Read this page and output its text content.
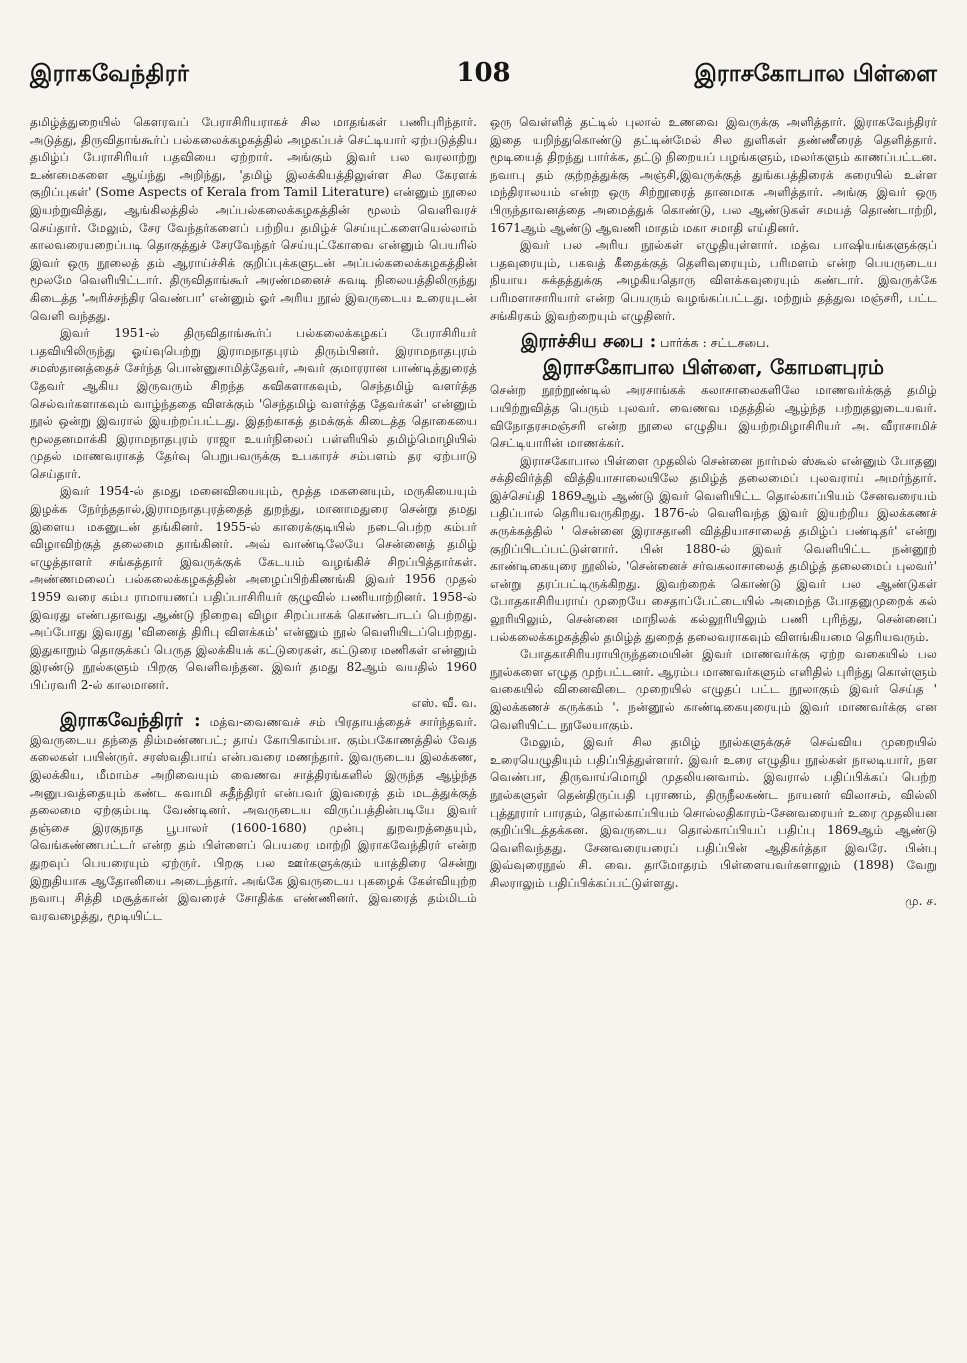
இராகவேந்திரர்	108	இராசகோபால பிள்ளை

தமிழ்த்துறையில் கௌரவப் பேராசிரியராகச் சில மாதங்கள் பணிபுரிந்தார். அடுத்து, திருவிதாங்கூர்ப் பல்கலைக்கழகத்தில் அழகப்பச் செட்டியார் ஏற்படுத்திய தமிழ்ப் பேராசிரியர் பதவியை ஏற்றார். அங்கும் இவர் பல வரலாற்று உண்மைகளை ஆய்ந்து அறிந்து, 'தமிழ் இலக்கியத்திலுள்ள சில கேரளக் குறிப்புகள்' (Some Aspects of Kerala from Tamil Literature) என்னும் நூலை இயற்றுவித்து, ஆங்கிலத்தில் அப்பல்கலைக்கழகத்தின் மூலம் வெளிவரச் செய்தார். மேலும், சேர வேந்தர்களைப் பற்றிய தமிழ்ச் செய்யுட்களையெல்லாம் காலவரையறைப்படி தொகுத்துச் சேரவேந்தர் செய்யுட்கோவை என்னும் பெயரில் இவர் ஒரு நூலைத் தம் ஆராய்ச்சிக் குறிப்புக்களுடன் அப்பல்கலைக்கழகத்தின் மூலமே வெளியிட்டார். திருவிதாங்கூர் அரண்மனைச் சுவடி நிலையத்திலிருந்து கிடைத்த 'அரிச்சந்திர வெண்பா' என்னும் ஓர் அரிய நூல் இவருடைய உரையுடன் வெளி வந்தது.

இவர் 1951-ல் திருவிதாங்கூர்ப் பல்கலைக்கழகப் பேராசிரியர் பதவியிலிருந்து ஓய்வுபெற்று இராமநாதபுரம் திரும்பினர். இராமநாதபுரம் சமஸ்தானத்தைச் சேர்ந்த பொன்னுசாமித்தேவர், அவர் குமாரரான பாண்டித்துரைத் தேவர் ஆகிய இருவரும் சிறந்த கவிகளாகவும், செந்தமிழ் வளர்த்த செல்வர்களாகவும் வாழ்ந்ததை விளக்கும் 'செந்தமிழ் வளர்த்த தேவர்கள்' என்னும் நூல் ஒன்று இவரால் இயற்றப்பட்டது. இதற்காகத் தமக்குக் கிடைத்த தொகையை மூலதனமாக்கி இராமநாதபுரம் ராஜா உயர்நிலைப் பள்ளியில் தமிழ்மொழியில் முதல் மாணவராகத் தேர்வு பெறுபவருக்கு உபகாரச் சம்பளம் தர ஏற்பாடு செய்தார்.

இவர் 1954-ல் தமது மனைவியையும், மூத்த மகனையும், மருகியையும் இழக்க நேர்ந்ததால்,இராமநாதபுரத்தைத் துறந்து, மானாமதுரை சென்று தமது இளைய மகனுடன் தங்கினர். 1955-ல் காரைக்குடியில் நடைபெற்ற கம்பர் விழாவிற்குத் தலைமை தாங்கினர். அவ் வாண்டிலேயே சென்னைத் தமிழ் எழுத்தாளர் சங்கத்தார் இவருக்குக் கேடயம் வழங்கிச் சிறப்பித்தார்கள். அண்ணமலைப் பல்கலைக்கழகத்தின் அழைப்பிற்கிணங்கி இவர் 1956 முதல் 1959 வரை கம்ப ராமாயணப் பதிப்பாசிரியர் குழுவில் பணியாற்றினர். 1958-ல் இவரது எண்பதாவது ஆண்டு நிறைவு விழா சிறப்பாகக் கொண்டாடப் பெற்றது. அப்போது இவரது 'வினைத் திரிபு விளக்கம்' என்னும் நூல் வெளியிடப்பெற்றது. இதுகாறும் தொகுக்கப் பெருத இலக்கியக் கட்டுரைகள், கட்டுரை மணிகள் என்னும் இரண்டு நூல்களும் பிறகு வெளிவந்தன. இவர் தமது 82ஆம் வயதில் 1960 பிப்ரவரி 2-ல் காலமானர்.

எஸ். வீ. வ.

இராகவேந்திரர் : மத்வ-வைணவச் சம் பிரதாயத்தைச் சார்ந்தவர். இவருடைய தந்தை திம்மண்ணபட்; தாய் கோபிகாம்பா. கும்பகோணத்தில் வேத கலைகள் பயின்ருர். சரஸ்வதிபாய் என்பவரை மணந்தார். இவருடைய இலக்கண, இலக்கிய, மீமாம்ச அறிவையும் வைணவ சாத்திரங்களில் இருந்த ஆழ்ந்த அனுபவத்தையும் கண்ட சுவாமி சுதீந்திரர் என்பவர் இவரைத் தம் மடத்துக்குத் தலைமை ஏற்கும்படி வேண்டினர். அவருடைய விருப்பத்தின்படியே இவர் தஞ்சை இரகுநாத பூபாலர் (1600-1680) முன்பு துறவறத்தையும், வெங்கண்ணபட்டர் என்ற தம் பிள்ளைப் பெயரை மாற்றி இராகவேந்திரர் என்ற துறவுப் பெயரையும் ஏற்ருர். பிறகு பல ஊர்களுக்கும் யாத்திரை சென்று இறுதியாக ஆதோனியை அடைந்தார். அங்கே இவருடைய புகழைக் கேள்வியுற்ற நவாபு சித்தி மசூத்கான் இவரைச் சோதிக்க எண்ணினர். இவரைத் தம்மிடம் வரவழைத்து, மூடியிட்ட

ஒரு வெள்ளித் தட்டில் புலால் உணவை இவருக்கு அளித்தார். இராகவேந்திரர் இதை யறிந்துகொண்டு தட்டின்மேல் சில துளிகள் தண்ணீரைத் தெளித்தார். மூடியைத் திறந்து பார்க்க, தட்டு நிறையப் பழங்களும், மலர்களும் காணப்பட்டன. நவாபு தம் குற்றத்துக்கு அஞ்சி,இவருக்குத் துங்கபத்திரைக் கரையில் உள்ள மந்திராலயம் என்ற ஒரு சிற்றூரைத் தானமாக அளித்தார். அங்கு இவர் ஒரு பிருந்தாவனத்தை அமைத்துக் கொண்டு, பல ஆண்டுகள் சமயத் தொண்டாற்றி, 1671ஆம் ஆண்டு ஆவணி மாதம் மகா சமாதி எய்தினர்.

இவர் பல அரிய நூல்கள் எழுதியுள்ளார். மத்வ பாஷியங்களுக்குப் பதவுரையும், பகவத் கீதைக்குத் தெளிவுரையும், பரிமளம் என்ற பெயருடைய நியாய சுக்தத்துக்கு அழகியதொரு விளக்கவுரையும் கண்டார். இவருக்கே பரிமளாசாரியார் என்ற பெயரும் வழங்கப்பட்டது. மற்றும் தத்துவ மஞ்சரி, பட்ட சங்கிரகம் இவற்றையும் எழுதினர்.

இராச்சிய சபை : பார்க்க : சட்டசபை.
இராசகோபால பிள்ளை, கோமளபுரம்

சென்ற நூற்றூண்டில் அரசாங்கக் கலாசாலைகளிலே மாணவர்க்குத் தமிழ் பயிற்றுவித்த பெரும் புலவர். வைணவ மதத்தில் ஆழ்ந்த பற்றுதலுடையவர். விநோதரசமஞ்சரி என்ற நூலை எழுதிய இயற்றமிழாசிரியர் அ. வீராசாமிச் செட்டியாரின் மாணக்கர்.

இராசகோபால பிள்ளை முதலில் சென்னை நார்மல் ஸ்கூல் என்னும் போதனு சக்திவிர்த்தி வித்தியாசாலையிலே தமிழ்த் தலைமைப் புலவராய் அமர்ந்தார். இச்செய்தி 1869ஆம் ஆண்டு இவர் வெளியிட்ட தொல்காப்பியம் சேனவரையம் பதிப்பால் தெரியவருகிறது. 1876-ல் வெளிவந்த இவர் இயற்றிய இலக்கணச் சுருக்கத்தில் ' சென்னை இராசதானி வித்தியாசாலைத் தமிழ்ப் பண்டிதர்' என்று குறிப்பிடப்பட்டுள்ளார். பின் 1880-ல் இவர் வெளியிட்ட நன்னூற் காண்டிகையுரை நூலில், 'சென்னைச் சர்வகலாசாலைத் தமிழ்த் தலைமைப் புலவர்' என்று தரப்பட்டிருக்கிறது. இவற்றைக் கொண்டு இவர் பல ஆண்டுகள் போதகாசிரியராய் முறையே சைதாப்பேட்டையில் அமைந்த போதனுமுறைக் கல் லூரியிலும், சென்னை மாநிலக் கல்லூரியிலும் பணி புரிந்து, சென்னைப் பல்கலைக்கழகத்தில் தமிழ்த் துறைத் தலைவராகவும் விளங்கியமை தெரியவரும்.

போதகாசிரியராயிருந்தமையின் இவர் மாணவர்க்கு ஏற்ற வகையில் பல நூல்களை எழுத முற்பட்டனர். ஆரம்ப மாணவர்களும் எளிதில் புரிந்து கொள்ளும் வகையில் வினைவிடை முறையில் எழுதப் பட்ட நூலாகும் இவர் செய்த ' இலக்கணச் சுருக்கம் '. நன்னூல் காண்டிகையுரையும் இவர் மாணவர்க்கு என வெளியிட்ட நூலேயாகும்.

மேலும், இவர் சில தமிழ் நூல்களுக்குச் செவ்விய முறையில் உரையெழுதியும் பதிப்பித்துள்ளார். இவர் உரை எழுதிய நூல்கள் நாலடியார், நள வெண்பா, திருவாய்மொழி முதலியனவாம். இவரால் பதிப்பிக்கப் பெற்ற நூல்களுள் தென்திருப்பதி புராணம், திருநீலகண்ட நாயனர் விலாசம், வில்லி புத்தூரார் பாரதம், தொல்காப்பியம் சொல்லதிகாரம்-சேனவரையர் உரை முதலியன குறிப்பிடத்தக்கன. இவருடைய தொல்காப்பியப் பதிப்பு 1869ஆம் ஆண்டு வெளிவந்தது. சேனவரையரைப் பதிப்பின் ஆதிகர்த்தா இவரே. பின்பு இவ்வுரைநூல் சி. வை. தாமோதரம் பிள்ளையவர்களாலும் (1898) வேறு சிலராலும் பதிப்பிக்கப்பட்டுள்ளது.

மு. ச.
